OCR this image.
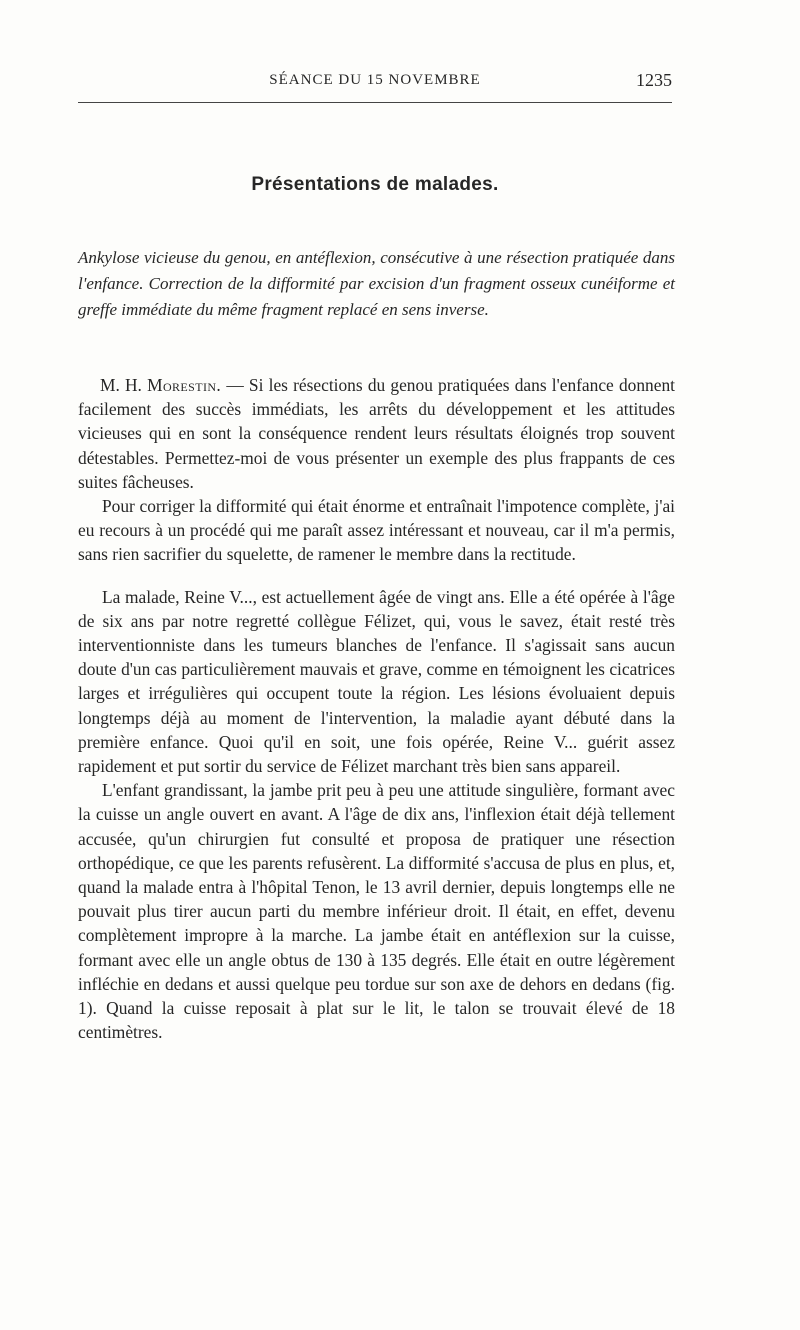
SÉANCE DU 15 NOVEMBRE	1235
Présentations de malades.
Ankylose vicieuse du genou, en antéflexion, consécutive à une résection pratiquée dans l'enfance. Correction de la difformité par excision d'un fragment osseux cunéiforme et greffe immédiate du même fragment replacé en sens inverse.

M. H. Morestin. — Si les résections du genou pratiquées dans l'enfance donnent facilement des succès immédiats, les arrêts du développement et les attitudes vicieuses qui en sont la conséquence rendent leurs résultats éloignés trop souvent détestables. Permettez-moi de vous présenter un exemple des plus frappants de ces suites fâcheuses.

Pour corriger la difformité qui était énorme et entraînait l'impotence complète, j'ai eu recours à un procédé qui me paraît assez intéressant et nouveau, car il m'a permis, sans rien sacrifier du squelette, de ramener le membre dans la rectitude.

La malade, Reine V..., est actuellement âgée de vingt ans. Elle a été opérée à l'âge de six ans par notre regretté collègue Félizet, qui, vous le savez, était resté très interventionniste dans les tumeurs blanches de l'enfance. Il s'agissait sans aucun doute d'un cas particulièrement mauvais et grave, comme en témoignent les cicatrices larges et irrégulières qui occupent toute la région. Les lésions évoluaient depuis longtemps déjà au moment de l'intervention, la maladie ayant débuté dans la première enfance. Quoi qu'il en soit, une fois opérée, Reine V... guérit assez rapidement et put sortir du service de Félizet marchant très bien sans appareil.

L'enfant grandissant, la jambe prit peu à peu une attitude singulière, formant avec la cuisse un angle ouvert en avant. A l'âge de dix ans, l'inflexion était déjà tellement accusée, qu'un chirurgien fut consulté et proposa de pratiquer une résection orthopédique, ce que les parents refusèrent. La difformité s'accusa de plus en plus, et, quand la malade entra à l'hôpital Tenon, le 13 avril dernier, depuis longtemps elle ne pouvait plus tirer aucun parti du membre inférieur droit. Il était, en effet, devenu complètement impropre à la marche. La jambe était en antéflexion sur la cuisse, formant avec elle un angle obtus de 130 à 135 degrés. Elle était en outre légèrement infléchie en dedans et aussi quelque peu tordue sur son axe de dehors en dedans (fig. 1). Quand la cuisse reposait à plat sur le lit, le talon se trouvait élevé de 18 centimètres.
